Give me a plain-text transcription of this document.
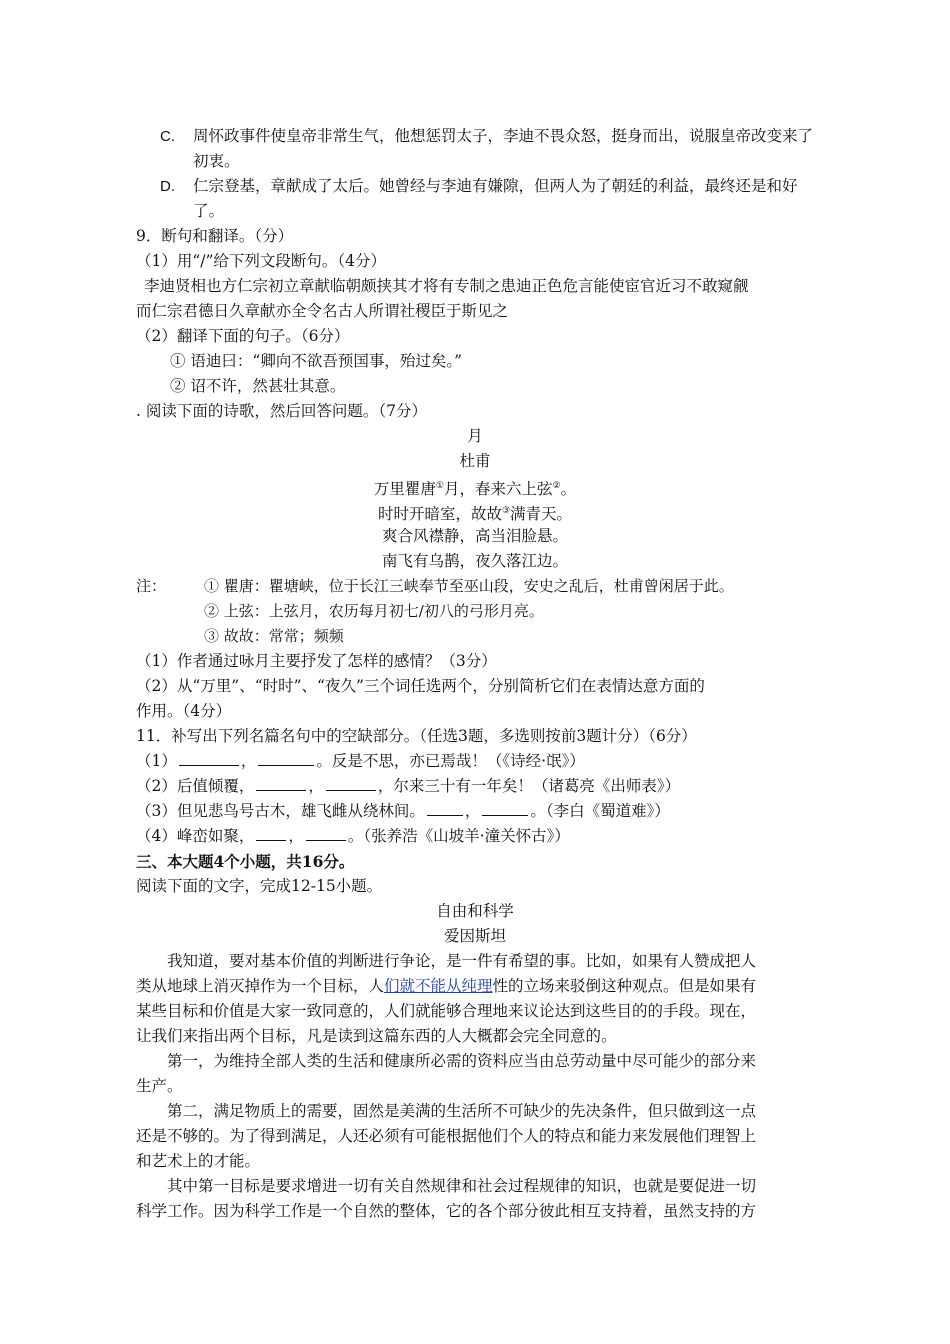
C. 周怀政事件使皇帝非常生气，他想惩罚太子，李迪不畏众怒，挺身而出，说服皇帝改变来了初衷。
D. 仁宗登基，章献成了太后。她曾经与李迪有嫌隙，但两人为了朝廷的利益，最终还是和好了。
9．断句和翻译。（分）
（1）用“/”给下列文段断句。（4分）
李迪贤相也方仁宗初立章献临朝颇挟其才将有专制之患迪正色危言能使宦官近习不敢窥觎
而仁宗君德日久章献亦全令名古人所谓社稷臣于斯见之
（2）翻译下面的句子。（6分）
① 语迪曰：“卿向不欲吾预国事，殆过矣。”
② 诏不许，然甚壮其意。
. 阅读下面的诗歌，然后回答问题。（7分）
月
杜甫
万里瞿唐①月，春来六上弦②。
时时开暗室，故故③满青天。
爽合风襟静，高当泪脸悬。
南飞有乌鹊，夜久落江边。
注：	① 瞿唐：瞿塘峡，位于长江三峡奉节至巫山段，安史之乱后，杜甫曾闲居于此。
② 上弦：上弦月，农历每月初七/初八的弓形月亮。
③ 故故：常常；频频
（1）作者通过咏月主要抒发了怎样的感情？（3分）
（2）从“万里”、“时时”、“夜久”三个词任选两个，分别简析它们在表情达意方面的
作用。（4分）
11．补写出下列名篇名句中的空缺部分。（任选3题，多选则按前3题计分）（6分）
（1）	，	。反是不思，亦已焉哉！（《诗经·氓》）
（2）后值倾覆，	，	，尔来三十有一年矣！（诸葛亮《出师表》）
（3）但见悲鸟号古木，雄飞雌从绕林间。	，	。（李白《蜀道难》）
（4）峰峦如聚， ，	。（张养浩《山坡羊·潼关怀古》）
三、本大题4个小题，共16分。
阅读下面的文字，完成12-15小题。
自由和科学
爱因斯坦
我知道，要对基本价值的判断进行争论，是一件有希望的事。比如，如果有人赞成把人
类从地球上消灭掉作为一个目标，人们就不能从纯理性的立场来驳倒这种观点。但是如果有
某些目标和价值是大家一致同意的，人们就能够合理地来议论达到这些目的的手段。现在，
让我们来指出两个目标，凡是读到这篇东西的人大概都会完全同意的。
第一，为维持全部人类的生活和健康所必需的资料应当由总劳动量中尽可能少的部分来
生产。
第二，满足物质上的需要，固然是美满的生活所不可缺少的先决条件，但只做到这一点
还是不够的。为了得到满足，人还必须有可能根据他们个人的特点和能力来发展他们理智上
和艺术上的才能。
其中第一目标是要求增进一切有关自然规律和社会过程规律的知识，也就是要促进一切
科学工作。因为科学工作是一个自然的整体，它的各个部分彼此相互支持着，虽然支持的方
